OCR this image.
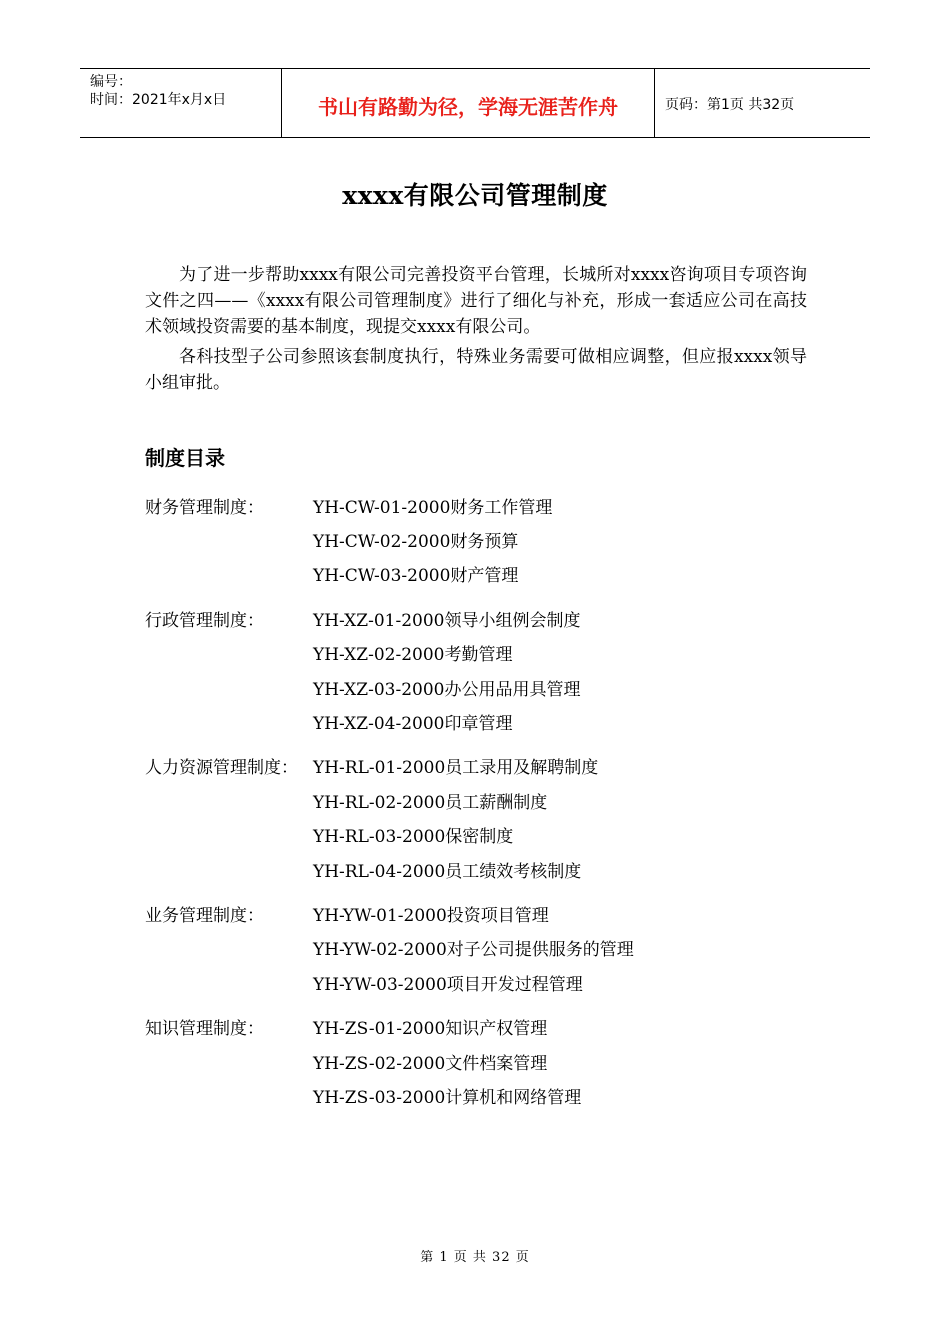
编号：
时间：2021年x月x日	书山有路勤为径，学海无涯苦作舟	页码：第1页 共32页
xxxx有限公司管理制度

为了进一步帮助xxxx有限公司完善投资平台管理，长城所对xxxx咨询项目专项咨询文件之四——《xxxx有限公司管理制度》进行了细化与补充，形成一套适应公司在高技术领域投资需要的基本制度，现提交xxxx有限公司。

各科技型子公司参照该套制度执行，特殊业务需要可做相应调整，但应报xxxx领导小组审批。

制度目录
财务管理制度：	YH-CW-01-2000财务工作管理
YH-CW-02-2000财务预算
YH-CW-03-2000财产管理
行政管理制度：	YH-XZ-01-2000领导小组例会制度
YH-XZ-02-2000考勤管理
YH-XZ-03-2000办公用品用具管理
YH-XZ-04-2000印章管理
人力资源管理制度： YH-RL-01-2000员工录用及解聘制度
YH-RL-02-2000员工薪酬制度
YH-RL-03-2000保密制度
YH-RL-04-2000员工绩效考核制度
业务管理制度：	YH-YW-01-2000投资项目管理
YH-YW-02-2000对子公司提供服务的管理
YH-YW-03-2000项目开发过程管理
知识管理制度：	YH-ZS-01-2000知识产权管理
YH-ZS-02-2000文件档案管理
YH-ZS-03-2000计算机和网络管理
第 1 页 共 32 页
